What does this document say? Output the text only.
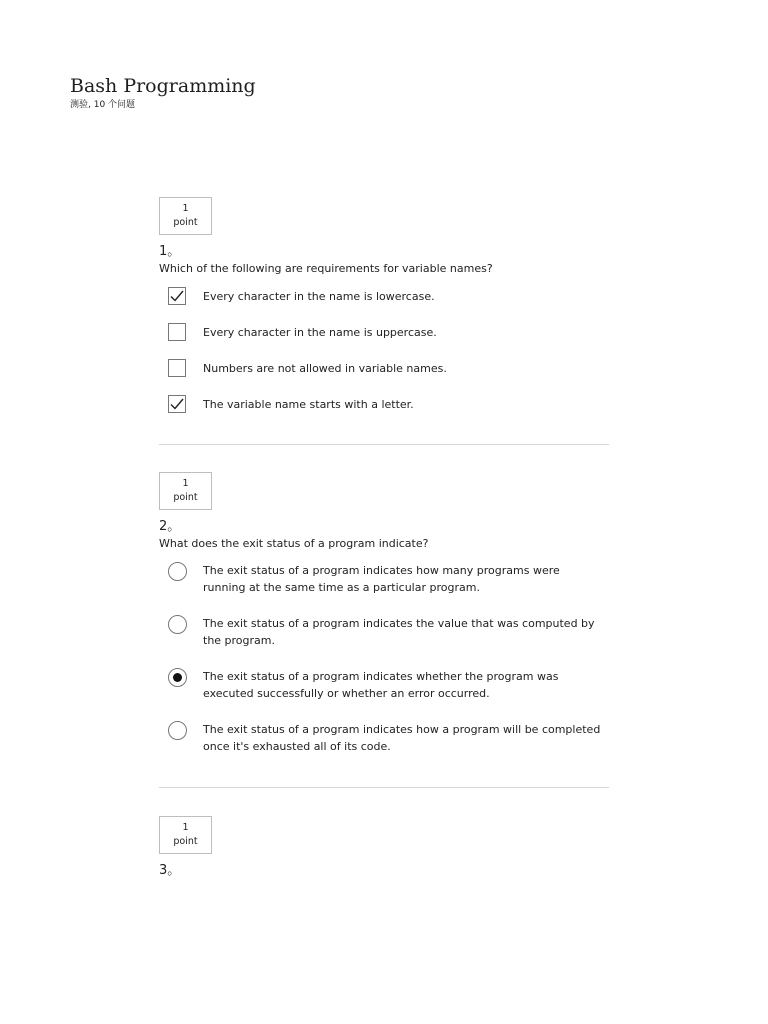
Bash Programming
测验, 10 个问题
1
point
1。
Which of the following are requirements for variable names?
Every character in the name is lowercase.
Every character in the name is uppercase.
Numbers are not allowed in variable names.
The variable name starts with a letter.
1
point
2。
What does the exit status of a program indicate?
The exit status of a program indicates how many programs were running at the same time as a particular program.
The exit status of a program indicates the value that was computed by the program.
The exit status of a program indicates whether the program was executed successfully or whether an error occurred.
The exit status of a program indicates how a program will be completed once it's exhausted all of its code.
1
point
3。
